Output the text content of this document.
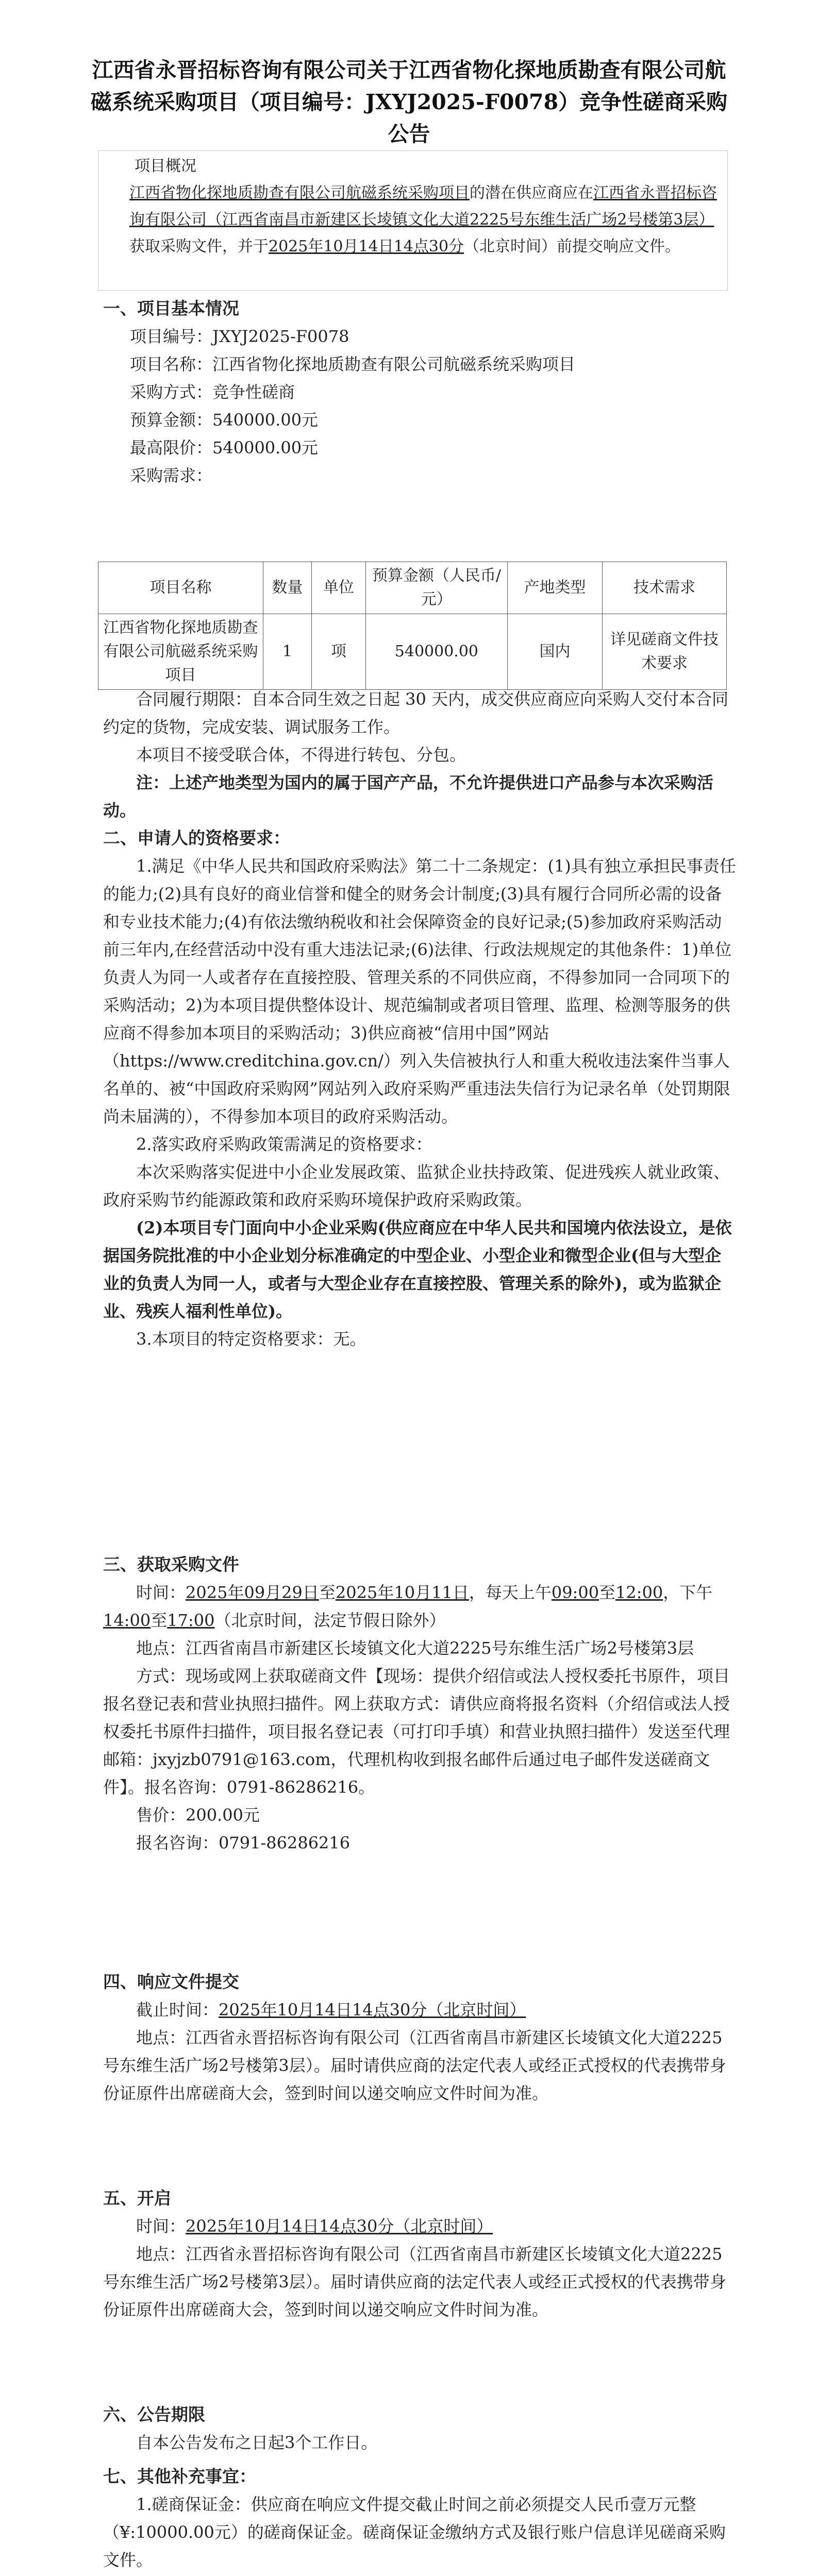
江西省永晋招标咨询有限公司关于江西省物化探地质勘查有限公司航磁系统采购项目（项目编号：JXYJ2025-F0078）竞争性磋商采购公告
项目概况
江西省物化探地质勘查有限公司航磁系统采购项目的潜在供应商应在江西省永晋招标咨询有限公司（江西省南昌市新建区长堎镇文化大道2225号东维生活广场2号楼第3层）获取采购文件，并于2025年10月14日14点30分（北京时间）前提交响应文件。

一、项目基本情况

项目编号：JXYJ2025-F0078

项目名称：江西省物化探地质勘查有限公司航磁系统采购项目

采购方式：竞争性磋商

预算金额：540000.00元

最高限价：540000.00元

采购需求：

项目名称	数量	单位	预算金额（人民币/元）	产地类型	技术需求
江西省物化探地质勘查有限公司航磁系统采购项目	1	项	540000.00	国内	详见磋商文件技术要求

合同履行期限：自本合同生效之日起 30 天内，成交供应商应向采购人交付本合同约定的货物，完成安装、调试服务工作。

本项目不接受联合体，不得进行转包、分包。

注：上述产地类型为国内的属于国产产品，不允许提供进口产品参与本次采购活动。

二、申请人的资格要求：

1.满足《中华人民共和国政府采购法》第二十二条规定：(1)具有独立承担民事责任的能力;(2)具有良好的商业信誉和健全的财务会计制度;(3)具有履行合同所必需的设备和专业技术能力;(4)有依法缴纳税收和社会保障资金的良好记录;(5)参加政府采购活动前三年内,在经营活动中没有重大违法记录;(6)法律、行政法规规定的其他条件：1)单位负责人为同一人或者存在直接控股、管理关系的不同供应商，不得参加同一合同项下的采购活动；2)为本项目提供整体设计、规范编制或者项目管理、监理、检测等服务的供应商不得参加本项目的采购活动；3)供应商被“信用中国”网站（https://www.creditchina.gov.cn/）列入失信被执行人和重大税收违法案件当事人名单的、被“中国政府采购网”网站列入政府采购严重违法失信行为记录名单（处罚期限尚未届满的），不得参加本项目的政府采购活动。

2.落实政府采购政策需满足的资格要求：

本次采购落实促进中小企业发展政策、监狱企业扶持政策、促进残疾人就业政策、政府采购节约能源政策和政府采购环境保护政府采购政策。

(2)本项目专门面向中小企业采购(供应商应在中华人民共和国境内依法设立，是依据国务院批准的中小企业划分标准确定的中型企业、小型企业和微型企业(但与大型企业的负责人为同一人，或者与大型企业存在直接控股、管理关系的除外)，或为监狱企业、残疾人福利性单位)。

3.本项目的特定资格要求：无。

三、获取采购文件

时间：2025年09月29日至2025年10月11日，每天上午09:00至12:00，下午14:00至17:00（北京时间，法定节假日除外）

地点：江西省南昌市新建区长堎镇文化大道2225号东维生活广场2号楼第3层

方式：现场或网上获取磋商文件【现场：提供介绍信或法人授权委托书原件，项目报名登记表和营业执照扫描件。网上获取方式：请供应商将报名资料（介绍信或法人授权委托书原件扫描件，项目报名登记表（可打印手填）和营业执照扫描件）发送至代理邮箱：jxyjzb0791@163.com，代理机构收到报名邮件后通过电子邮件发送磋商文件】。报名咨询：0791-86286216。

售价：200.00元

报名咨询：0791-86286216

四、响应文件提交

截止时间：2025年10月14日14点30分（北京时间）

地点：江西省永晋招标咨询有限公司（江西省南昌市新建区长堎镇文化大道2225号东维生活广场2号楼第3层）。届时请供应商的法定代表人或经正式授权的代表携带身份证原件出席磋商大会，签到时间以递交响应文件时间为准。

五、开启

时间：2025年10月14日14点30分（北京时间）

地点：江西省永晋招标咨询有限公司（江西省南昌市新建区长堎镇文化大道2225号东维生活广场2号楼第3层）。届时请供应商的法定代表人或经正式授权的代表携带身份证原件出席磋商大会，签到时间以递交响应文件时间为准。

六、公告期限

自本公告发布之日起3个工作日。

七、其他补充事宜：

1.磋商保证金：供应商在响应文件提交截止时间之前必须提交人民币壹万元整（¥:10000.00元）的磋商保证金。磋商保证金缴纳方式及银行账户信息详见磋商采购文件。
